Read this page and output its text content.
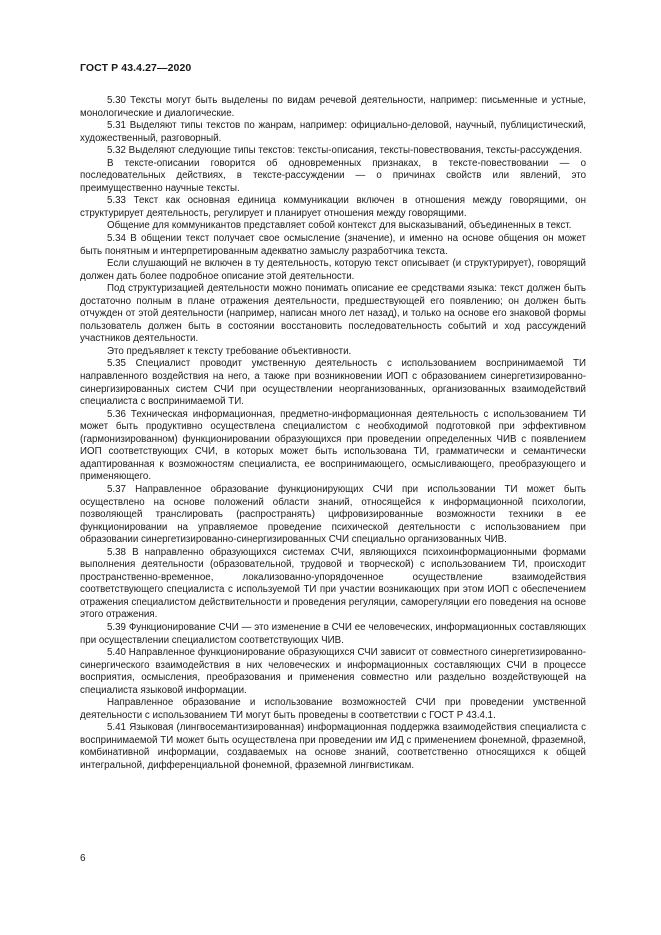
ГОСТ Р 43.4.27—2020

5.30 Тексты могут быть выделены по видам речевой деятельности, например: письменные и устные, монологические и диалогические.

5.31 Выделяют типы текстов по жанрам, например: официально-деловой, научный, публицистический, художественный, разговорный.

5.32 Выделяют следующие типы текстов: тексты-описания, тексты-повествования, тексты-рассуждения.

В тексте-описании говорится об одновременных признаках, в тексте-повествовании — о последовательных действиях, в тексте-рассуждении — о причинах свойств или явлений, это преимущественно научные тексты.

5.33 Текст как основная единица коммуникации включен в отношения между говорящими, он структурирует деятельность, регулирует и планирует отношения между говорящими.

Общение для коммуникантов представляет собой контекст для высказываний, объединенных в текст.

5.34 В общении текст получает свое осмысление (значение), и именно на основе общения он может быть понятным и интерпретированным адекватно замыслу разработчика текста.

Если слушающий не включен в ту деятельность, которую текст описывает (и структурирует), говорящий должен дать более подробное описание этой деятельности.

Под структуризацией деятельности можно понимать описание ее средствами языка: текст должен быть достаточно полным в плане отражения деятельности, предшествующей его появлению; он должен быть отчужден от этой деятельности (например, написан много лет назад), и только на основе его знаковой формы пользователь должен быть в состоянии восстановить последовательность событий и ход рассуждений участников деятельности.

Это предъявляет к тексту требование объективности.

5.35 Специалист проводит умственную деятельность с использованием воспринимаемой ТИ направленного воздействия на него, а также при возникновении ИОП с образованием синергетизированно-синергизированных систем СЧИ при осуществлении неорганизованных, организованных взаимодействий специалиста с воспринимаемой ТИ.

5.36 Техническая информационная, предметно-информационная деятельность с использованием ТИ может быть продуктивно осуществлена специалистом с необходимой подготовкой при эффективном (гармонизированном) функционировании образующихся при проведении определенных ЧИВ с появлением ИОП соответствующих СЧИ, в которых может быть использована ТИ, грамматически и семантически адаптированная к возможностям специалиста, ее воспринимающего, осмысливающего, преобразующего и применяющего.

5.37 Направленное образование функционирующих СЧИ при использовании ТИ может быть осуществлено на основе положений области знаний, относящейся к информационной психологии, позволяющей транслировать (распространять) цифровизированные возможности техники в ее функционировании на управляемое проведение психической деятельности с использованием при образовании синергетизированно-синергизированных СЧИ специально организованных ЧИВ.

5.38 В направленно образующихся системах СЧИ, являющихся психоинформационными формами выполнения деятельности (образовательной, трудовой и творческой) с использованием ТИ, происходит пространственно-временное, локализованно-упорядоченное осуществление взаимодействия соответствующего специалиста с используемой ТИ при участии возникающих при этом ИОП с обеспечением отражения специалистом действительности и проведения регуляции, саморегуляции его поведения на основе этого отражения.

5.39 Функционирование СЧИ — это изменение в СЧИ ее человеческих, информационных составляющих при осуществлении специалистом соответствующих ЧИВ.

5.40 Направленное функционирование образующихся СЧИ зависит от совместного синергетизированно-синергического взаимодействия в них человеческих и информационных составляющих СЧИ в процессе восприятия, осмысления, преобразования и применения совместно или раздельно воздействующей на специалиста языковой информации.

Направленное образование и использование возможностей СЧИ при проведении умственной деятельности с использованием ТИ могут быть проведены в соответствии с ГОСТ Р 43.4.1.

5.41 Языковая (лингвосемантизированная) информационная поддержка взаимодействия специалиста с воспринимаемой ТИ может быть осуществлена при проведении им ИД с применением фонемной, фраземной, комбинативной информации, создаваемых на основе знаний, соответственно относящихся к общей интегральной, дифференциальной фонемной, фраземной лингвистикам.

6
